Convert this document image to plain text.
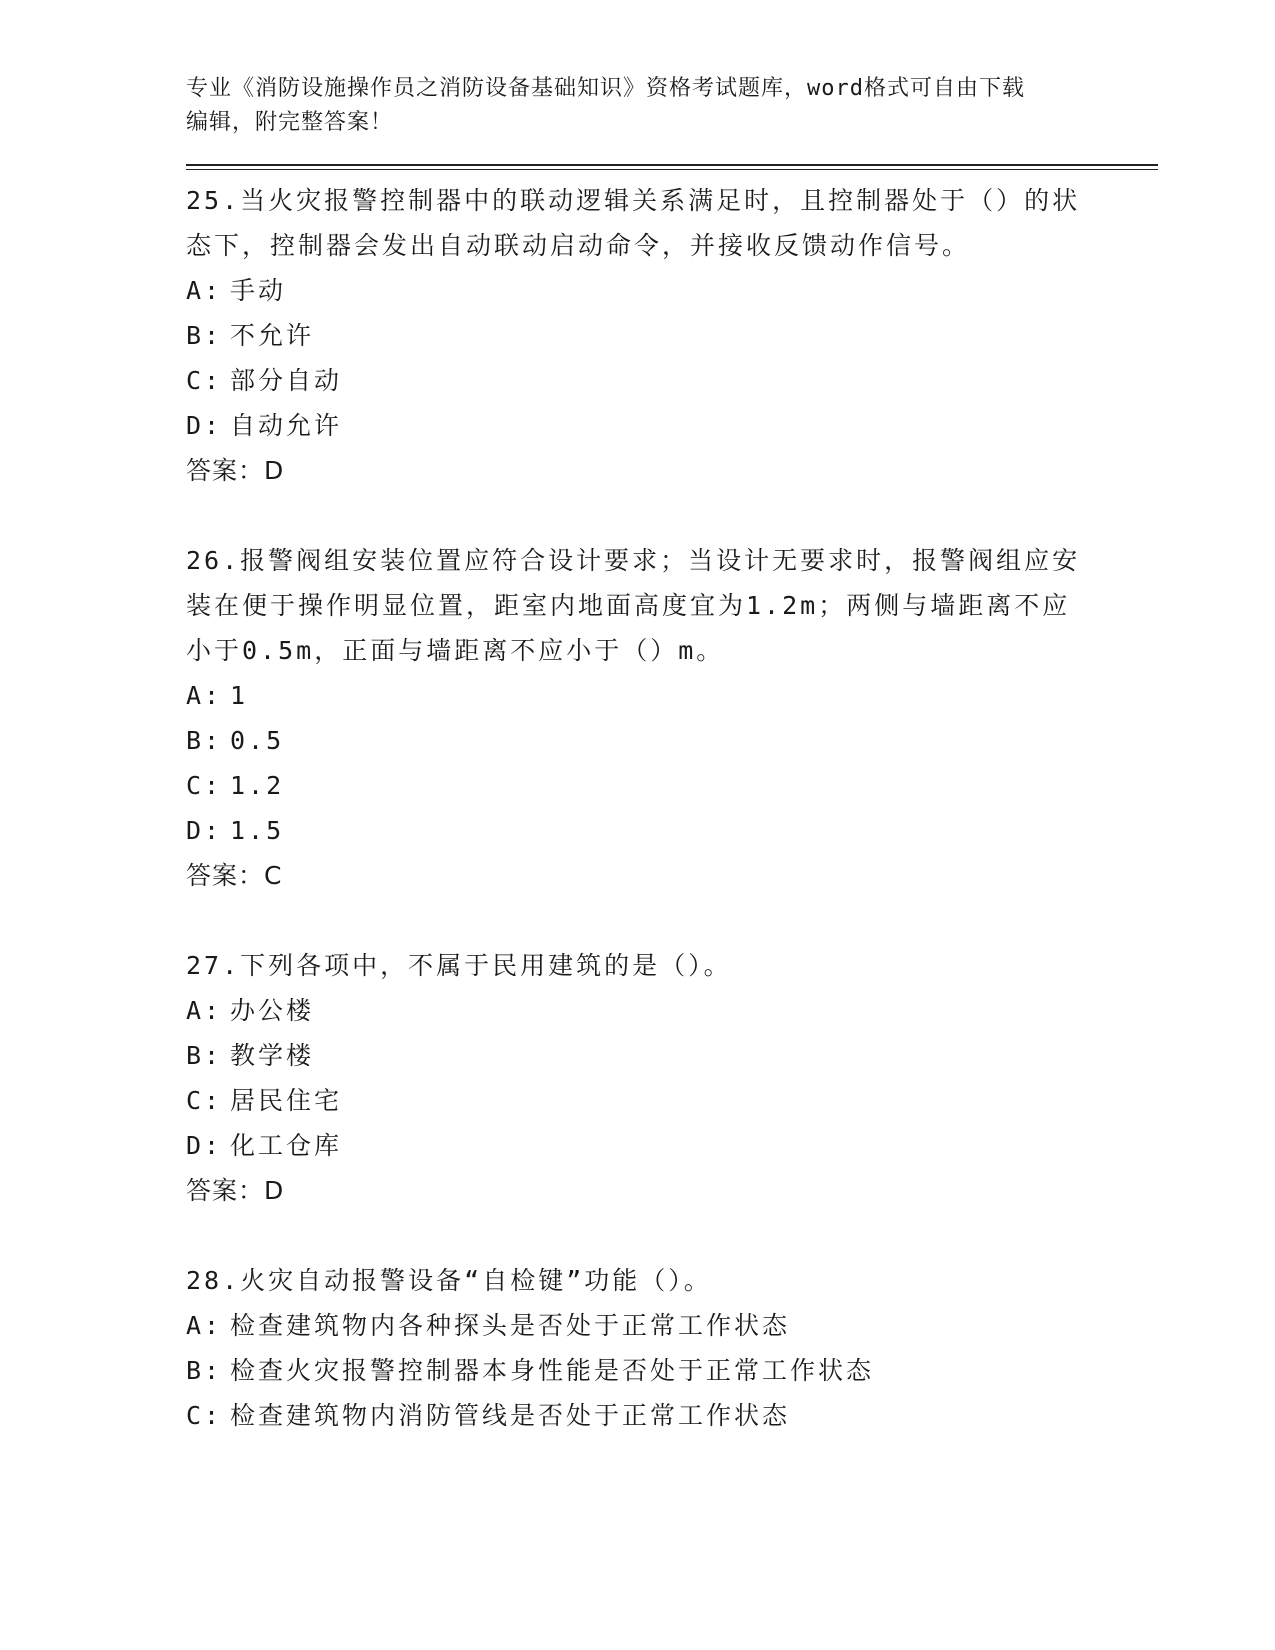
专业《消防设施操作员之消防设备基础知识》资格考试题库，word格式可自由下载编辑，附完整答案！
25.当火灾报警控制器中的联动逻辑关系满足时，且控制器处于（）的状态下，控制器会发出自动联动启动命令，并接收反馈动作信号。
A: 手动
B: 不允许
C: 部分自动
D: 自动允许
答案：D
26.报警阀组安装位置应符合设计要求；当设计无要求时，报警阀组应安装在便于操作明显位置，距室内地面高度宜为1.2m；两侧与墙距离不应小于0.5m，正面与墙距离不应小于（）m。
A: 1
B: 0.5
C: 1.2
D: 1.5
答案：C
27.下列各项中，不属于民用建筑的是（）。
A: 办公楼
B: 教学楼
C: 居民住宅
D: 化工仓库
答案：D
28.火灾自动报警设备“自检键”功能（）。
A: 检查建筑物内各种探头是否处于正常工作状态
B: 检查火灾报警控制器本身性能是否处于正常工作状态
C: 检查建筑物内消防管线是否处于正常工作状态
